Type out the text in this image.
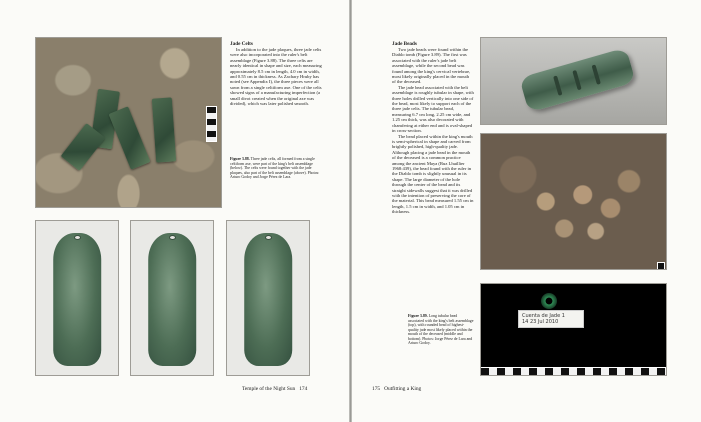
Jade Celts

In addition to the jade plaques, three jade celts were also incorporated into the ruler's belt assemblage (Figure 3.88). The three celts are nearly identical in shape and size, each measuring approximately 8.5 cm in length, 4.0 cm in width, and 0.55 cm in thickness. As Zachary Hruby has noted (see Appendix I), the three pieces were all sawn from a single celtiform axe. One of the celts showed signs of a manufacturing imperfection (a small divot created when the original axe was divided), which was later polished smooth.

Figure 3.88. Three jade celts, all formed from a single celtiform axe, were part of the king's belt assemblage (below). The celts were found together with the jade plaques, also part of the belt assemblage (above). Photos: Arturo Godoy and Jorge Pérez de Lara.
Temple of the Night Sun 174
Jade Beads

Two jade beads were found within the Diablo tomb (Figure 3.89). The first was associated with the ruler's jade belt assemblage, while the second bead was found among the king's cervical vertebrae, most likely originally placed in the mouth of the deceased.

The jade bead associated with the belt assemblage is roughly tubular in shape, with three holes drilled vertically into one side of the bead, most likely to support each of the three jade celts. The tubular bead, measuring 6.7 cm long, 2.25 cm wide, and 1.25 cm thick, was also decorated with chamfering at either end and is oval-shaped in cross-section.

The bead placed within the king's mouth is semi-spherical in shape and carved from brightly polished, high-quality jade. Although placing a jade bead in the mouth of the deceased is a common practice among the ancient Maya (Ruz Lhuillier 1968:439), the bead found with the ruler in the Diablo tomb is slightly unusual in its shape. The large diameter of the hole through the center of the bead and its straight sidewalls suggest that it was drilled with the intention of preserving the core of the material. This bead measured 1.55 cm in length, 1.5 cm in width, and 1.05 cm in thickness.

Figure 3.89. Long tubular bead associated with the king's belt assemblage (top), with rounded bead of highest-quality jade most likely placed within the mouth of the deceased (middle and bottom). Photos: Jorge Pérez de Lara and Arturo Godoy.
Cuenta de Jade 1
14 23 Jul 2010
175 Outfitting a King
